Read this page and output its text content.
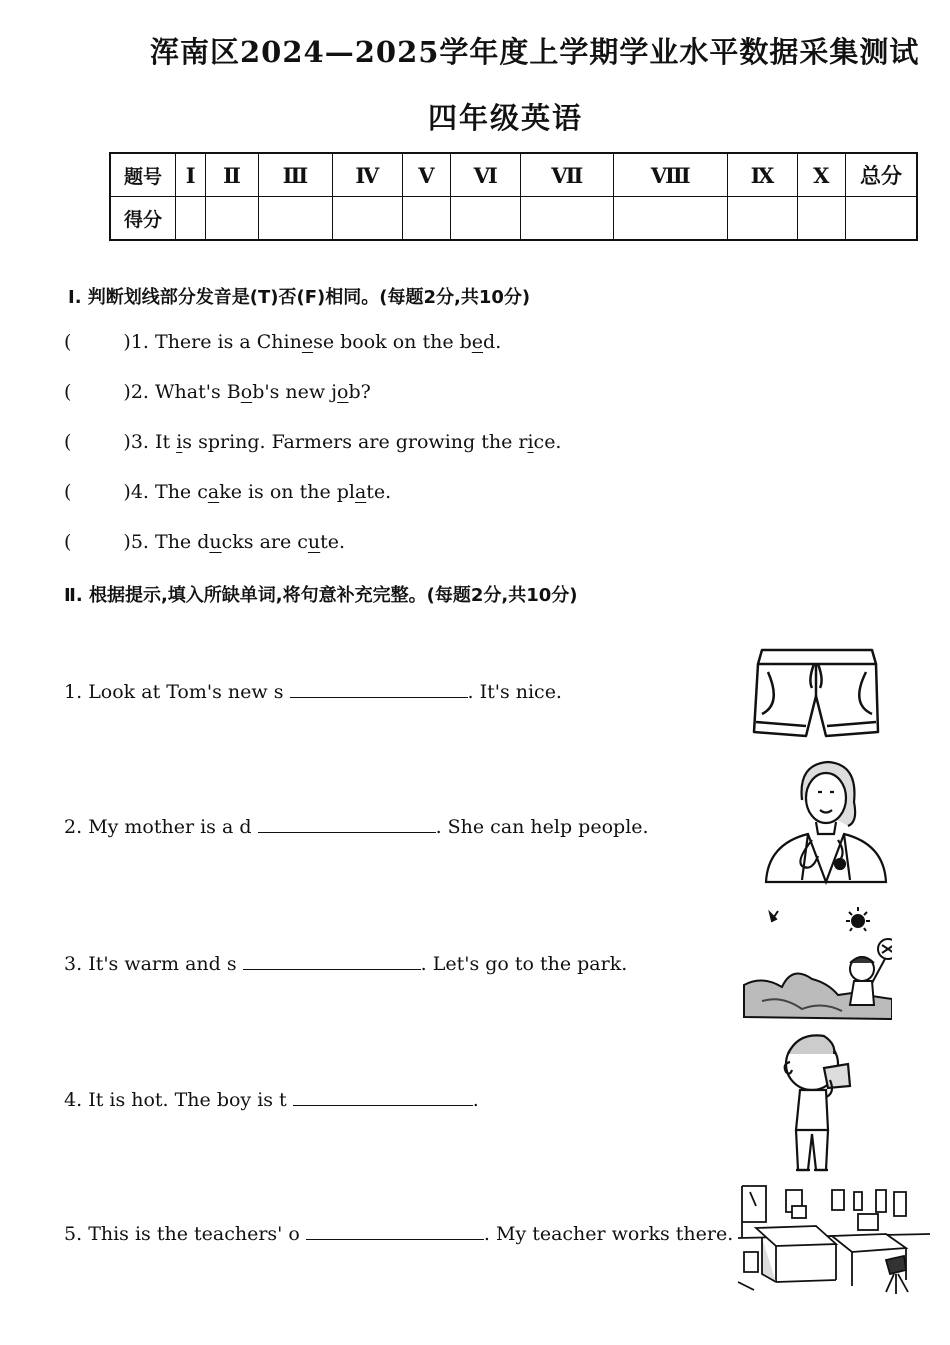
浑南区2024—2025学年度上学期学业水平数据采集测试
四年级英语
题号	Ⅰ	Ⅱ	Ⅲ	Ⅳ	Ⅴ	Ⅵ	Ⅶ	Ⅷ	Ⅸ	Ⅹ	总分
得分											
Ⅰ. 判断划线部分发音是(T)否(F)相同。(每题2分,共10分)
(	)1. There is a Chinese book on the bed.
(	)2. What's Bob's new job?
(	)3. It is spring. Farmers are growing the rice.
(	)4. The cake is on the plate.
(	)5. The ducks are cute.
Ⅱ. 根据提示,填入所缺单词,将句意补充完整。(每题2分,共10分)
1. Look at Tom's new s	. It's nice.
2. My mother is a d	. She can help people.
3. It's warm and s	. Let's go to the park.
4. It is hot. The boy is t	.
5. This is the teachers' o	. My teacher works there.
